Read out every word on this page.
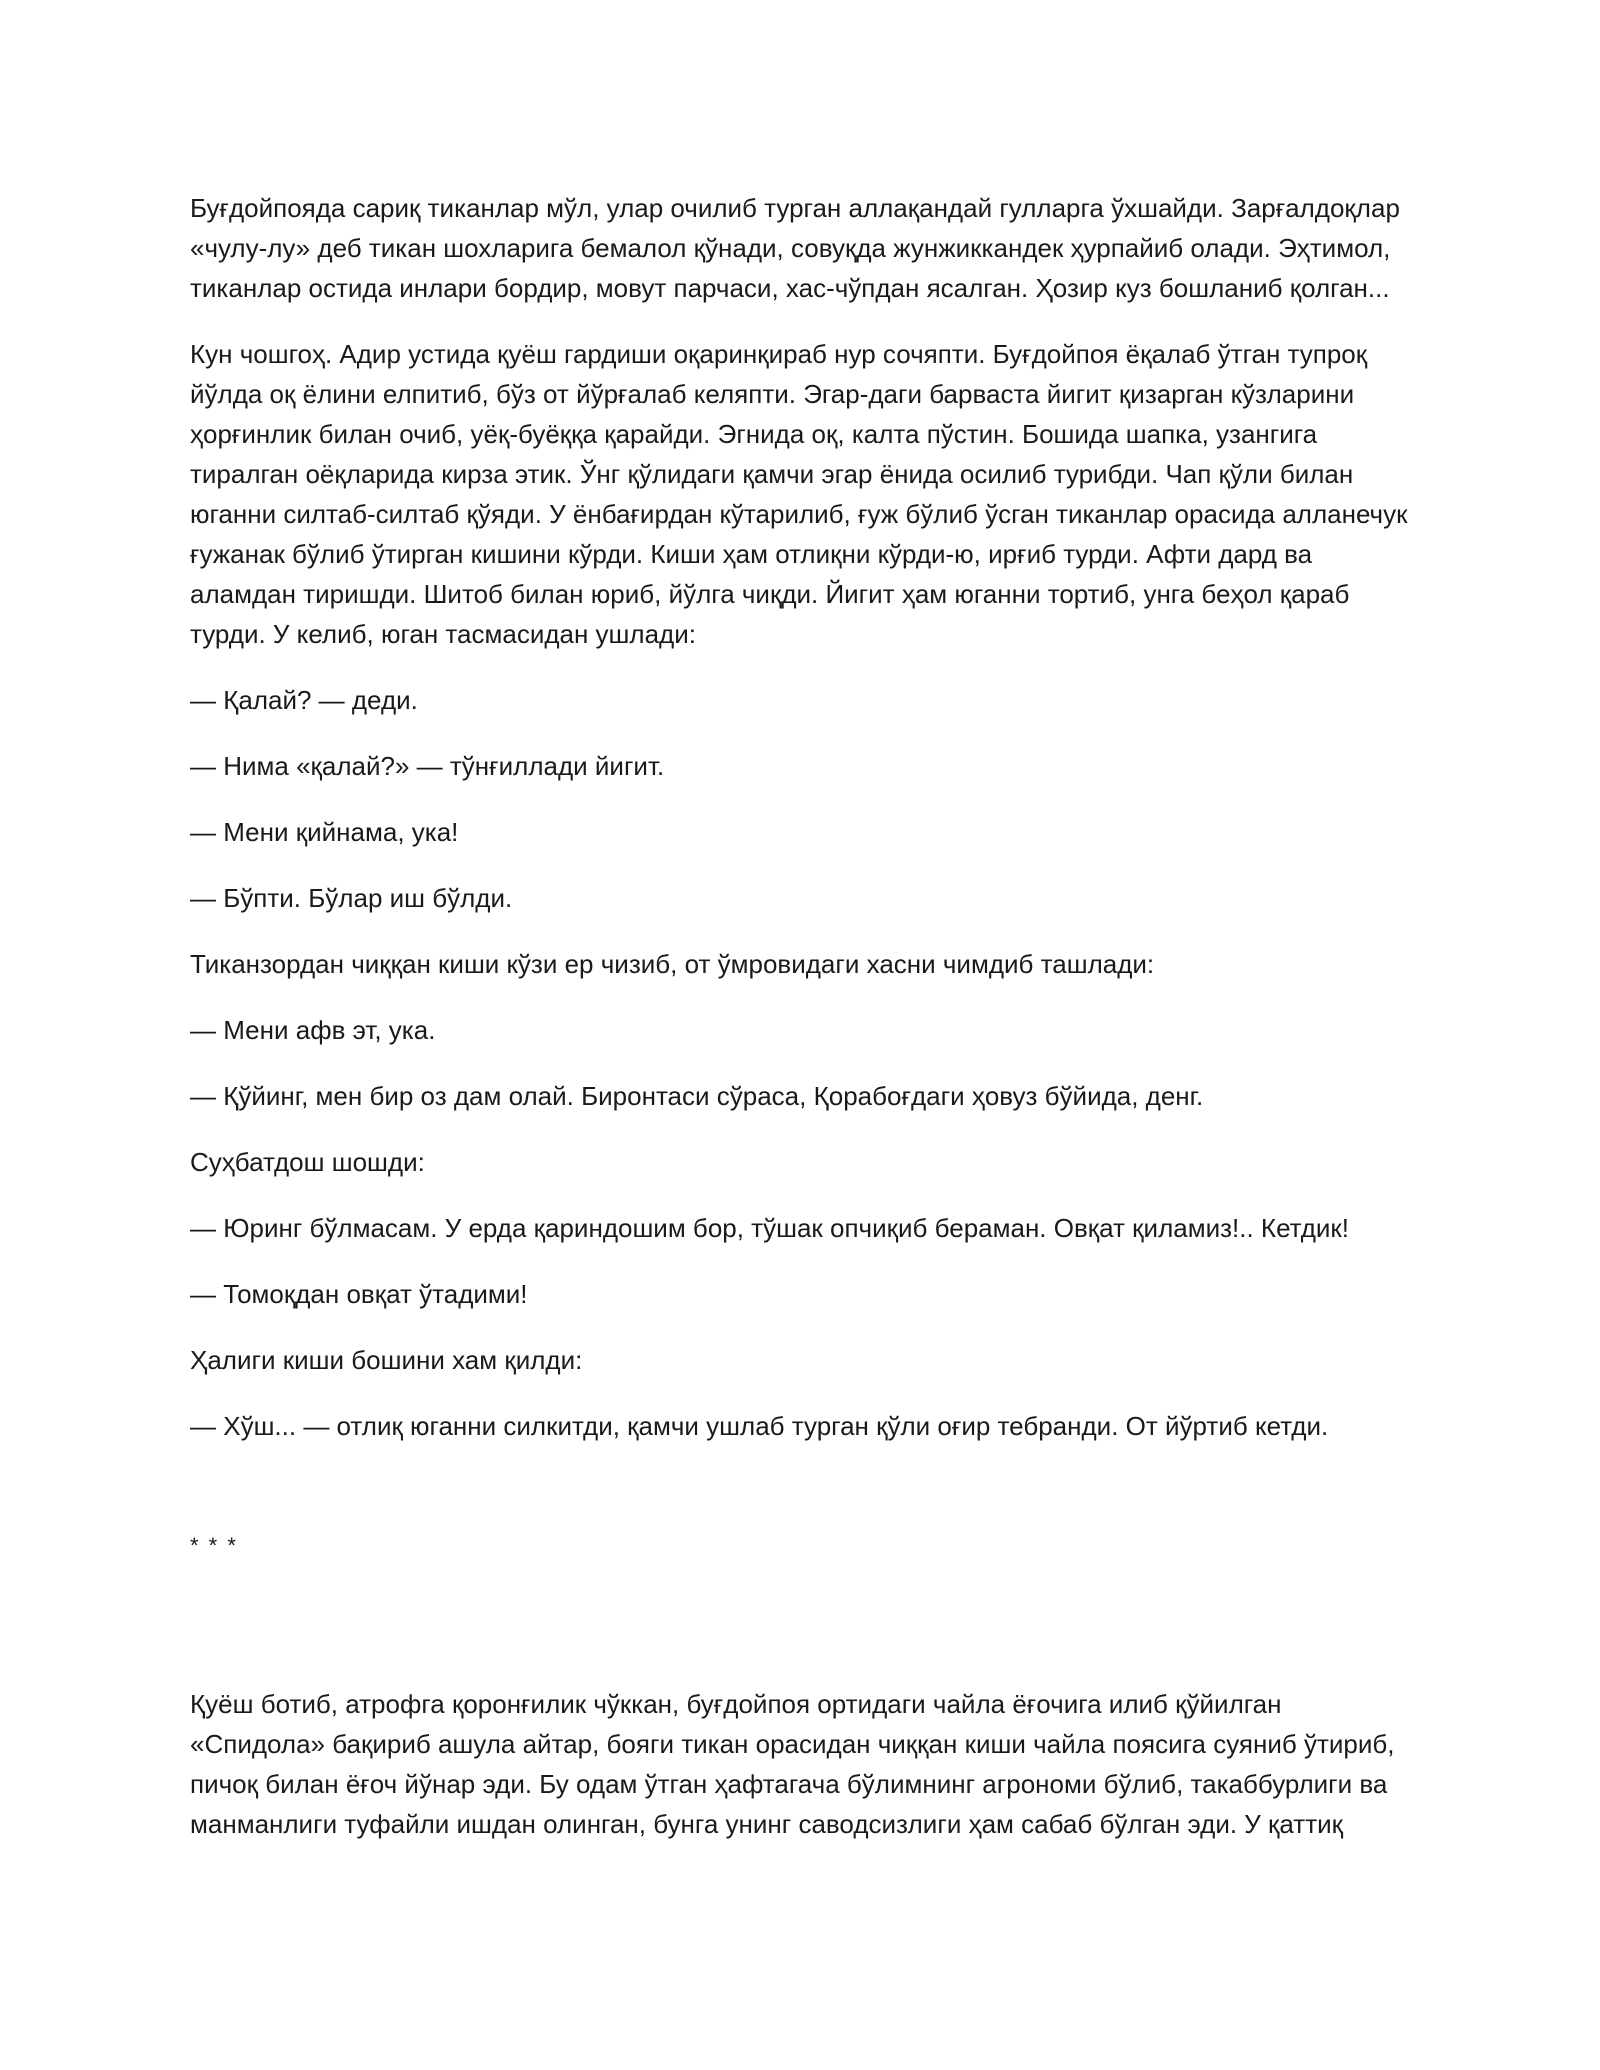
Буғдойпояда сариқ тиканлар мўл, улар очилиб турган аллақандай гулларга ўхшайди. Зарғалдоқлар «чулу-лу» деб тикан шохларига бемалол қўнади, совуқда жунжиккандек ҳурпайиб олади. Эҳтимол, тиканлар остида инлари бордир, мовут парчаси, хас-чўпдан ясалган. Ҳозир куз бошланиб қолган...

Кун чошгоҳ. Адир устида қуёш гардиши оқаринқираб нур сочяпти. Буғдойпоя ёқалаб ўтган тупроқ йўлда оқ ёлини елпитиб, бўз от йўрғалаб келяпти. Эгар-даги барваста йигит қизарган кўзларини ҳорғинлик билан очиб, уёқ-буёққа қарайди. Эгнида оқ, калта пўстин. Бошида шапка, узангига тиралган оёқларида кирза этик. Ўнг қўлидаги қамчи эгар ёнида осилиб турибди. Чап қўли билан юганни силтаб-силтаб қўяди. У ёнбағирдан кўтарилиб, ғуж бўлиб ўсган тиканлар орасида алланечук ғужанак бўлиб ўтирган кишини кўрди. Киши ҳам отлиқни кўрди-ю, ирғиб турди. Афти дард ва аламдан тиришди. Шитоб билан юриб, йўлга чиқди. Йигит ҳам юганни тортиб, унга беҳол қараб турди. У келиб, юган тасмасидан ушлади:

— Қалай? — деди.

— Нима «қалай?» — тўнғиллади йигит.

— Мени қийнама, ука!

— Бўпти. Бўлар иш бўлди.

Тиканзордан чиққан киши кўзи ер чизиб, от ўмровидаги хасни чимдиб ташлади:

— Мени афв эт, ука.

— Қўйинг, мен бир оз дам олай. Биронтаси сўраса, Қорабоғдаги ҳовуз бўйида, денг.

Суҳбатдош шошди:

— Юринг бўлмасам. У ерда қариндошим бор, тўшак опчиқиб бераман. Овқат қиламиз!.. Кетдик!

— Томоқдан овқат ўтадими!

Ҳалиги киши бошини хам қилди:

— Хўш... — отлиқ юганни силкитди, қамчи ушлаб турган қўли оғир тебранди. От йўртиб кетди.

* * *

Қуёш ботиб, атрофга қоронғилик чўккан, буғдойпоя ортидаги чайла ёғочига илиб қўйилган «Спидола» бақириб ашула айтар, бояги тикан орасидан чиққан киши чайла поясига суяниб ўтириб, пичоқ билан ёғоч йўнар эди. Бу одам ўтган ҳафтагача бўлимнинг агрономи бўлиб, такаббурлиги ва манманлиги туфайли ишдан олинган, бунга унинг саводсизлиги ҳам сабаб бўлган эди. У қаттиқ
